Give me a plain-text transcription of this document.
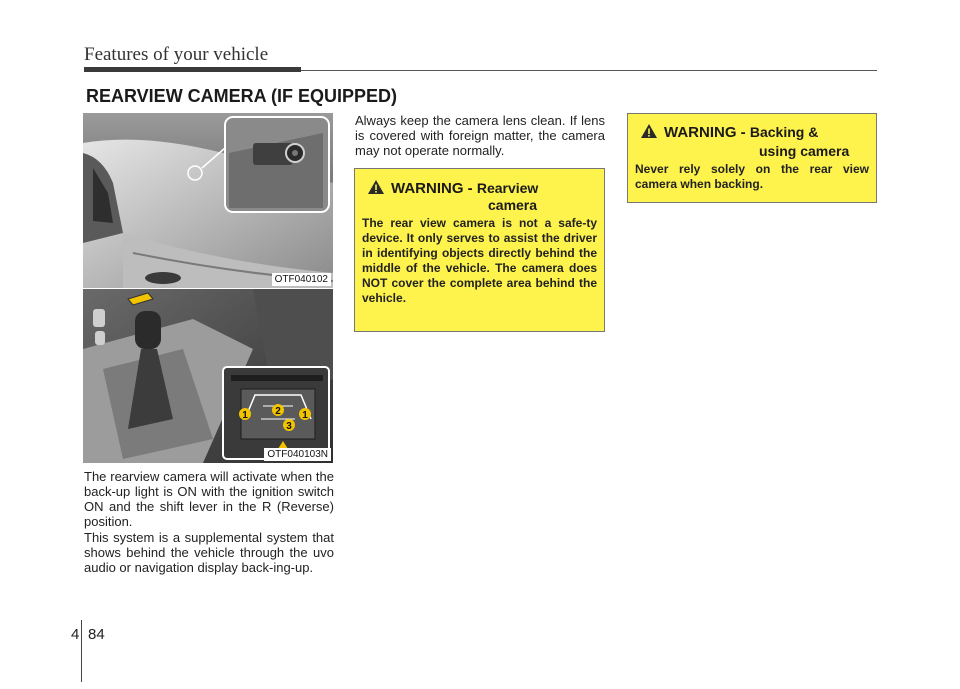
Features of your vehicle
REARVIEW CAMERA (IF EQUIPPED)
OTF040102
1	2 1
3
OTF040103N
The rearview camera will activate when the back-up light is ON with the ignition switch ON and the shift lever in the R (Reverse) position.
This system is a supplemental system that shows behind the vehicle through the uvo audio or navigation display back-ing-up.
Always keep the camera lens clean. If lens is covered with foreign matter, the camera may not operate normally.
WARNING - Rearview
camera
The rear view camera is not a safe-ty device. It only serves to assist the driver in identifying objects directly behind the middle of the vehicle. The camera does NOT cover the complete area behind the vehicle.
WARNING - Backing &
using camera
Never rely solely on the rear view camera when backing.
4 84
